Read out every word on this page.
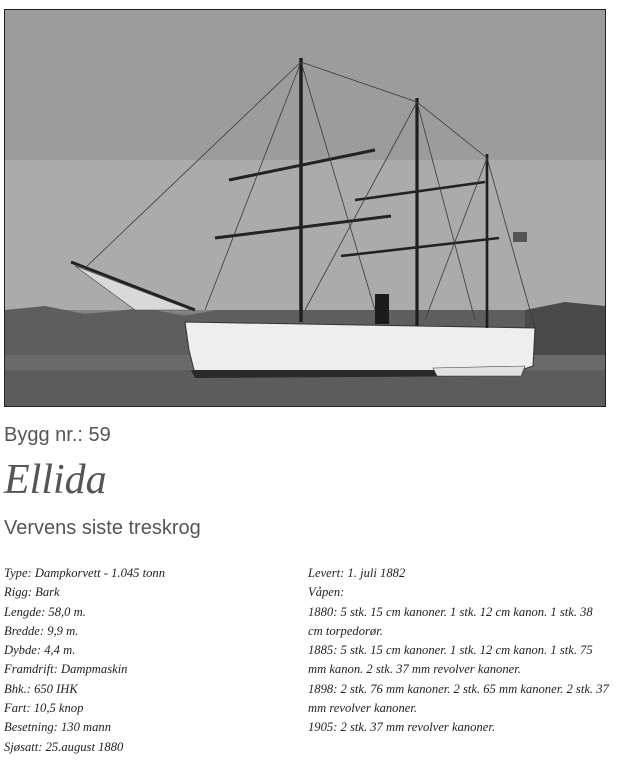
Bygg nr.: 59
Ellida
Vervens siste treskrog
Type: Dampkorvett - 1.045 tonn
Rigg: Bark
Lengde: 58,0 m.
Bredde: 9,9 m.
Dybde: 4,4 m.
Framdrift: Dampmaskin
Bhk.: 650 IHK
Fart: 10,5 knop
Besetning: 130 mann
Sjøsatt: 25.august 1880
Levert: 1. juli 1882
Våpen:
1880: 5 stk. 15 cm kanoner. 1 stk. 12 cm kanon. 1 stk. 38 cm torpedorør.
1885: 5 stk. 15 cm kanoner. 1 stk. 12 cm kanon. 1 stk. 75 mm kanon. 2 stk. 37 mm revolver kanoner.
1898: 2 stk. 76 mm kanoner. 2 stk. 65 mm kanoner. 2 stk. 37 mm revolver kanoner.
1905: 2 stk. 37 mm revolver kanoner.
